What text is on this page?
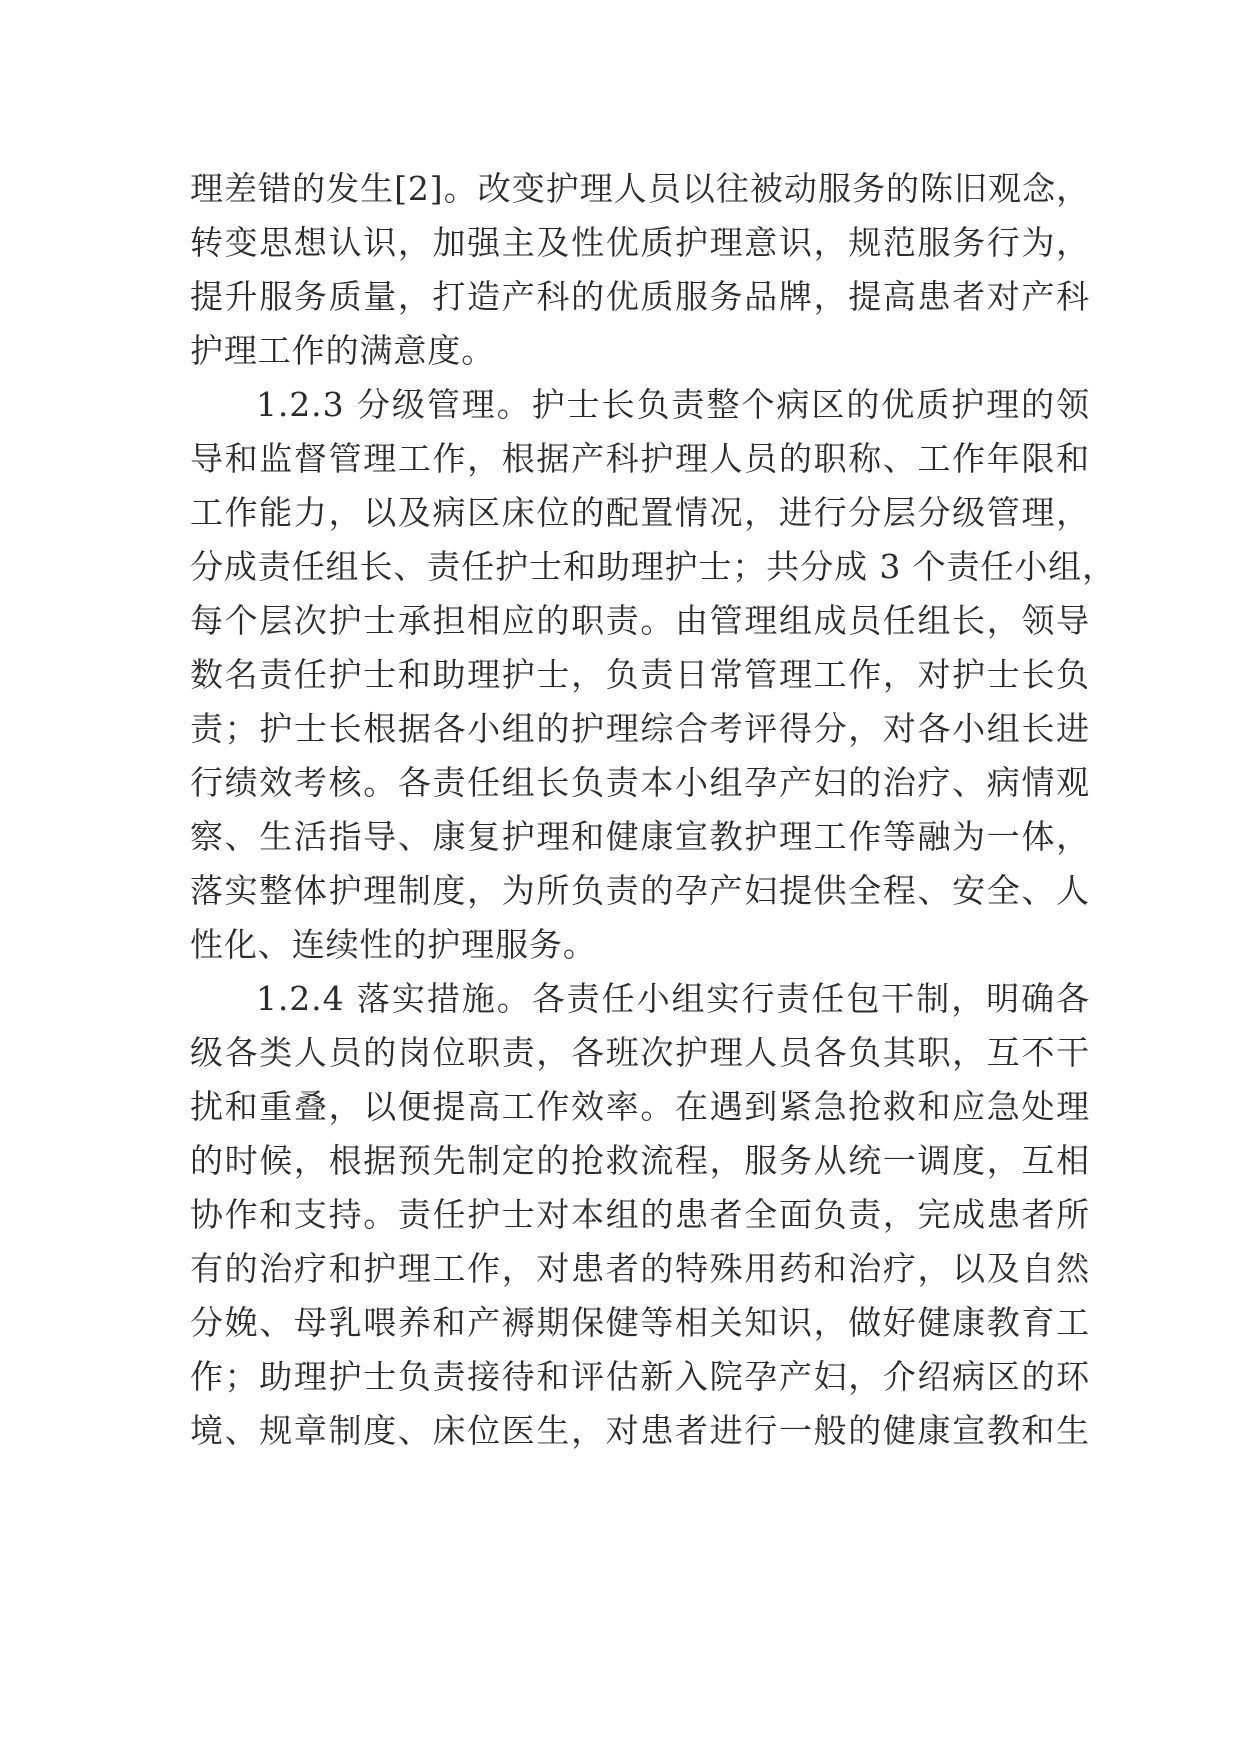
理差错的发生[2]。改变护理人员以往被动服务的陈旧观念，
转变思想认识，加强主及性优质护理意识，规范服务行为，
提升服务质量，打造产科的优质服务品牌，提高患者对产科
护理工作的满意度。
1.2.3 分级管理。护士长负责整个病区的优质护理的领
导和监督管理工作，根据产科护理人员的职称、工作年限和
工作能力，以及病区床位的配置情况，进行分层分级管理，
分成责任组长、责任护士和助理护士；共分成 3 个责任小组，
每个层次护士承担相应的职责。由管理组成员任组长，领导
数名责任护士和助理护士，负责日常管理工作，对护士长负
责；护士长根据各小组的护理综合考评得分，对各小组长进
行绩效考核。各责任组长负责本小组孕产妇的治疗、病情观
察、生活指导、康复护理和健康宣教护理工作等融为一体，
落实整体护理制度，为所负责的孕产妇提供全程、安全、人
性化、连续性的护理服务。
1.2.4 落实措施。各责任小组实行责任包干制，明确各
级各类人员的岗位职责，各班次护理人员各负其职，互不干
扰和重叠，以便提高工作效率。在遇到紧急抢救和应急处理
的时候，根据预先制定的抢救流程，服务从统一调度，互相
协作和支持。责任护士对本组的患者全面负责，完成患者所
有的治疗和护理工作，对患者的特殊用药和治疗，以及自然
分娩、母乳喂养和产褥期保健等相关知识，做好健康教育工
作；助理护士负责接待和评估新入院孕产妇，介绍病区的环
境、规章制度、床位医生，对患者进行一般的健康宣教和生
